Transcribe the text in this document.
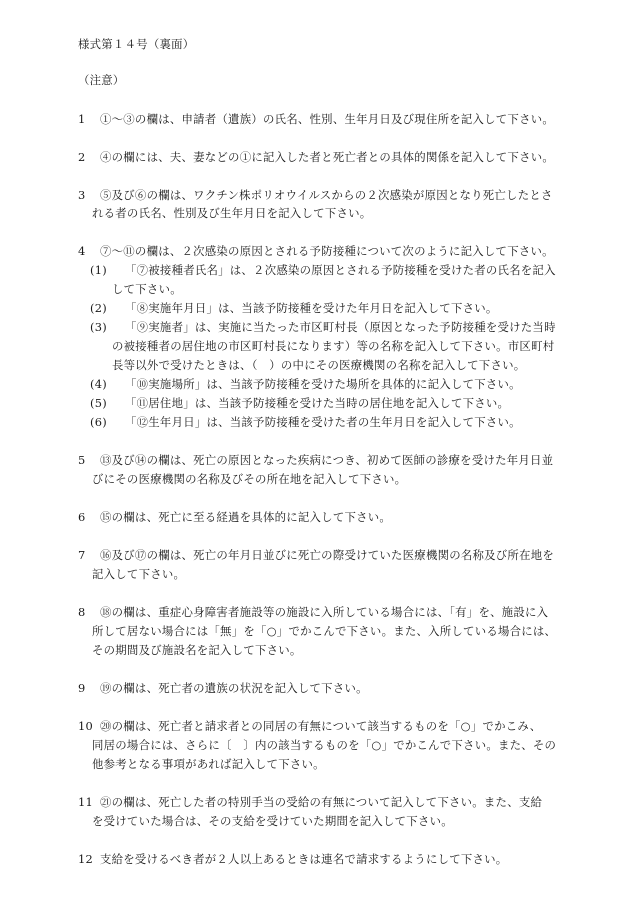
様式第１４号（裏面）
（注意）
1 ①～③の欄は、申請者（遺族）の氏名、性別、生年月日及び現住所を記入して下さい。
2 ④の欄には、夫、妻などの①に記入した者と死亡者との具体的関係を記入して下さい。
3 ⑤及び⑥の欄は、ワクチン株ポリオウイルスからの２次感染が原因となり死亡したとさ
れる者の氏名、性別及び生年月日を記入して下さい。
4 ⑦～⑪の欄は、２次感染の原因とされる予防接種について次のように記入して下さい。
(1) 「⑦被接種者氏名」は、２次感染の原因とされる予防接種を受けた者の氏名を記入
して下さい。
(2) 「⑧実施年月日」は、当該予防接種を受けた年月日を記入して下さい。
(3) 「⑨実施者」は、実施に当たった市区町村長（原因となった予防接種を受けた当時
の被接種者の居住地の市区町村長になります）等の名称を記入して下さい。市区町村
長等以外で受けたときは、（　）の中にその医療機関の名称を記入して下さい。
(4) 「⑩実施場所」は、当該予防接種を受けた場所を具体的に記入して下さい。
(5) 「⑪居住地」は、当該予防接種を受けた当時の居住地を記入して下さい。
(6) 「⑫生年月日」は、当該予防接種を受けた者の生年月日を記入して下さい。
5 ⑬及び⑭の欄は、死亡の原因となった疾病につき、初めて医師の診療を受けた年月日並
びにその医療機関の名称及びその所在地を記入して下さい。
6 ⑮の欄は、死亡に至る経過を具体的に記入して下さい。
7 ⑯及び⑰の欄は、死亡の年月日並びに死亡の際受けていた医療機関の名称及び所在地を
記入して下さい。
8 ⑱の欄は、重症心身障害者施設等の施設に入所している場合には、「有」を、施設に入
所して居ない場合には「無」を「○」でかこんで下さい。また、入所している場合には、
その期間及び施設名を記入して下さい。
9 ⑲の欄は、死亡者の遺族の状況を記入して下さい。
10 ⑳の欄は、死亡者と請求者との同居の有無について該当するものを「○」でかこみ、
同居の場合には、さらに〔　〕内の該当するものを「○」でかこんで下さい。また、その
他参考となる事項があれば記入して下さい。
11 ㉑の欄は、死亡した者の特別手当の受給の有無について記入して下さい。また、支給
を受けていた場合は、その支給を受けていた期間を記入して下さい。
12 支給を受けるべき者が２人以上あるときは連名で請求するようにして下さい。
